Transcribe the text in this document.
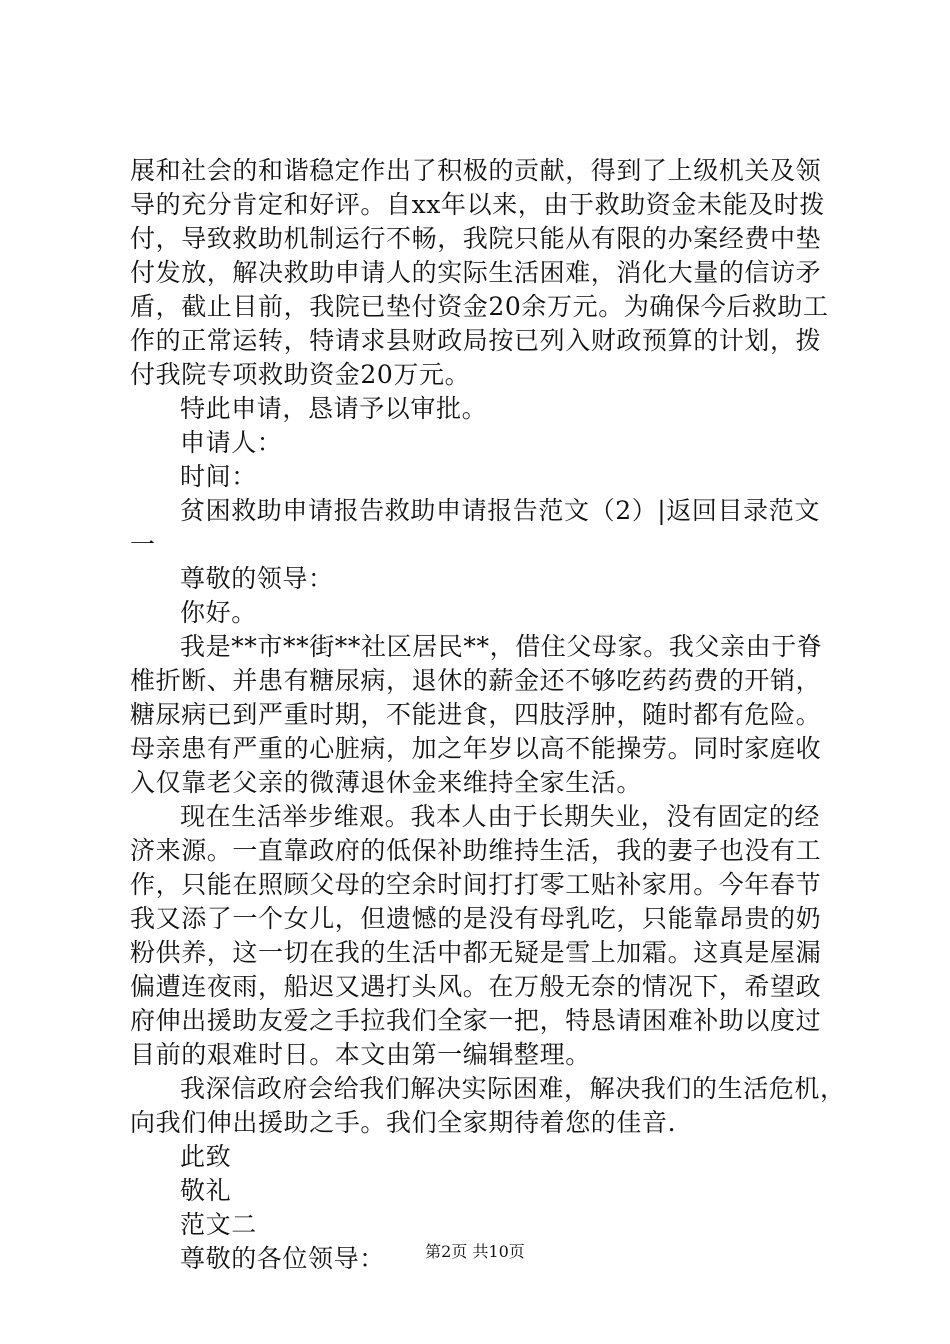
展和社会的和谐稳定作出了积极的贡献，得到了上级机关及领
导的充分肯定和好评。自xx年以来，由于救助资金未能及时拨
付，导致救助机制运行不畅，我院只能从有限的办案经费中垫
付发放，解决救助申请人的实际生活困难，消化大量的信访矛
盾，截止目前，我院已垫付资金20余万元。为确保今后救助工
作的正常运转，特请求县财政局按已列入财政预算的计划，拨
付我院专项救助资金20万元。
特此申请，恳请予以审批。
申请人：
时间：
贫困救助申请报告救助申请报告范文（2）|返回目录范文
一
尊敬的领导：
你好。
我是**市**街**社区居民**，借住父母家。我父亲由于脊
椎折断、并患有糖尿病，退休的薪金还不够吃药药费的开销，
糖尿病已到严重时期，不能进食，四肢浮肿，随时都有危险。
母亲患有严重的心脏病，加之年岁以高不能操劳。同时家庭收
入仅靠老父亲的微薄退休金来维持全家生活。
现在生活举步维艰。我本人由于长期失业，没有固定的经
济来源。一直靠政府的低保补助维持生活，我的妻子也没有工
作，只能在照顾父母的空余时间打打零工贴补家用。今年春节
我又添了一个女儿，但遗憾的是没有母乳吃，只能靠昂贵的奶
粉供养，这一切在我的生活中都无疑是雪上加霜。这真是屋漏
偏遭连夜雨，船迟又遇打头风。在万般无奈的情况下，希望政
府伸出援助友爱之手拉我们全家一把，特恳请困难补助以度过
目前的艰难时日。本文由第一编辑整理。
我深信政府会给我们解决实际困难，解决我们的生活危机，
向我们伸出援助之手。我们全家期待着您的佳音.
此致
敬礼
范文二
尊敬的各位领导：	第2页 共10页
